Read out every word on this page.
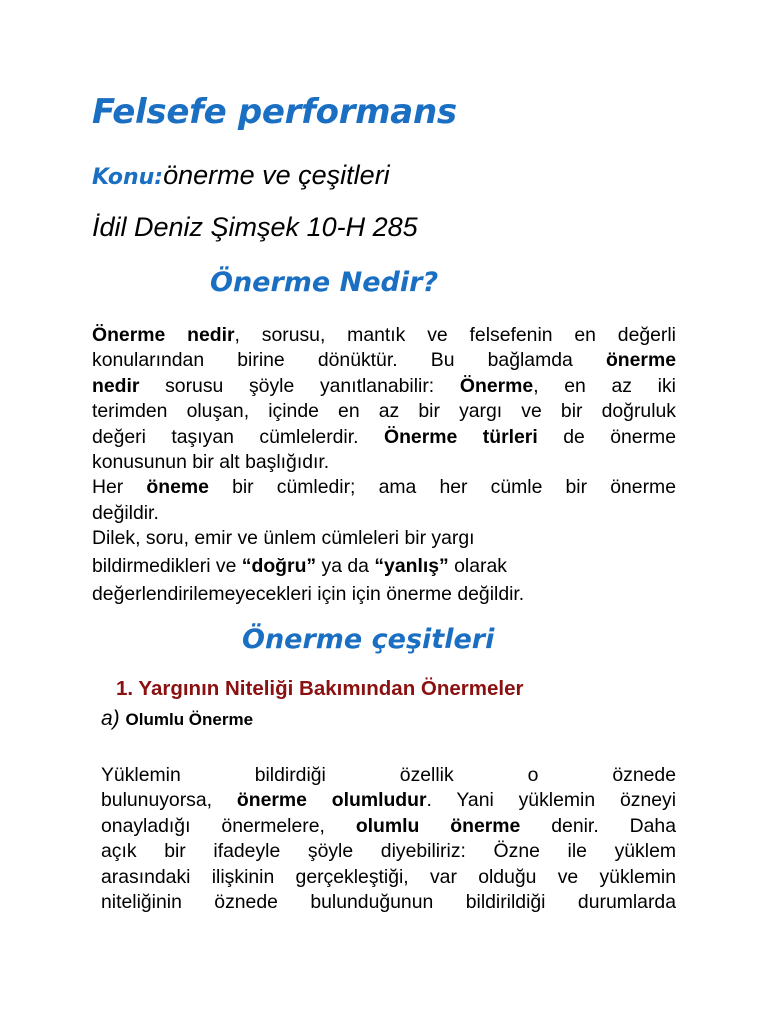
Felsefe performans
Konu:önerme ve çeşitleri
İdil Deniz Şimşek 10-H 285
Önerme Nedir?
Önerme nedir, sorusu, mantık ve felsefenin en değerli
konularından birine dönüktür. Bu bağlamda önerme
nedir sorusu şöyle yanıtlanabilir: Önerme, en az iki
terimden oluşan, içinde en az bir yargı ve bir doğruluk
değeri taşıyan cümlelerdir. Önerme türleri de önerme
konusunun bir alt başlığıdır.
Her öneme bir cümledir; ama her cümle bir önerme
değildir.
Dilek, soru, emir ve ünlem cümleleri bir yargı
bildirmedikleri ve “doğru” ya da “yanlış” olarak
değerlendirilemeyecekleri için için önerme değildir.
Önerme çeşitleri
1. Yargının Niteliği Bakımından Önermeler
a) Olumlu Önerme
Yüklemin bildirdiği özellik o öznede
bulunuyorsa, önerme olumludur. Yani yüklemin özneyi
onayladığı önermelere, olumlu önerme denir. Daha
açık bir ifadeyle şöyle diyebiliriz: Özne ile yüklem
arasındaki ilişkinin gerçekleştiği, var olduğu ve yüklemin
niteliğinin öznede bulunduğunun bildirildiği durumlarda
